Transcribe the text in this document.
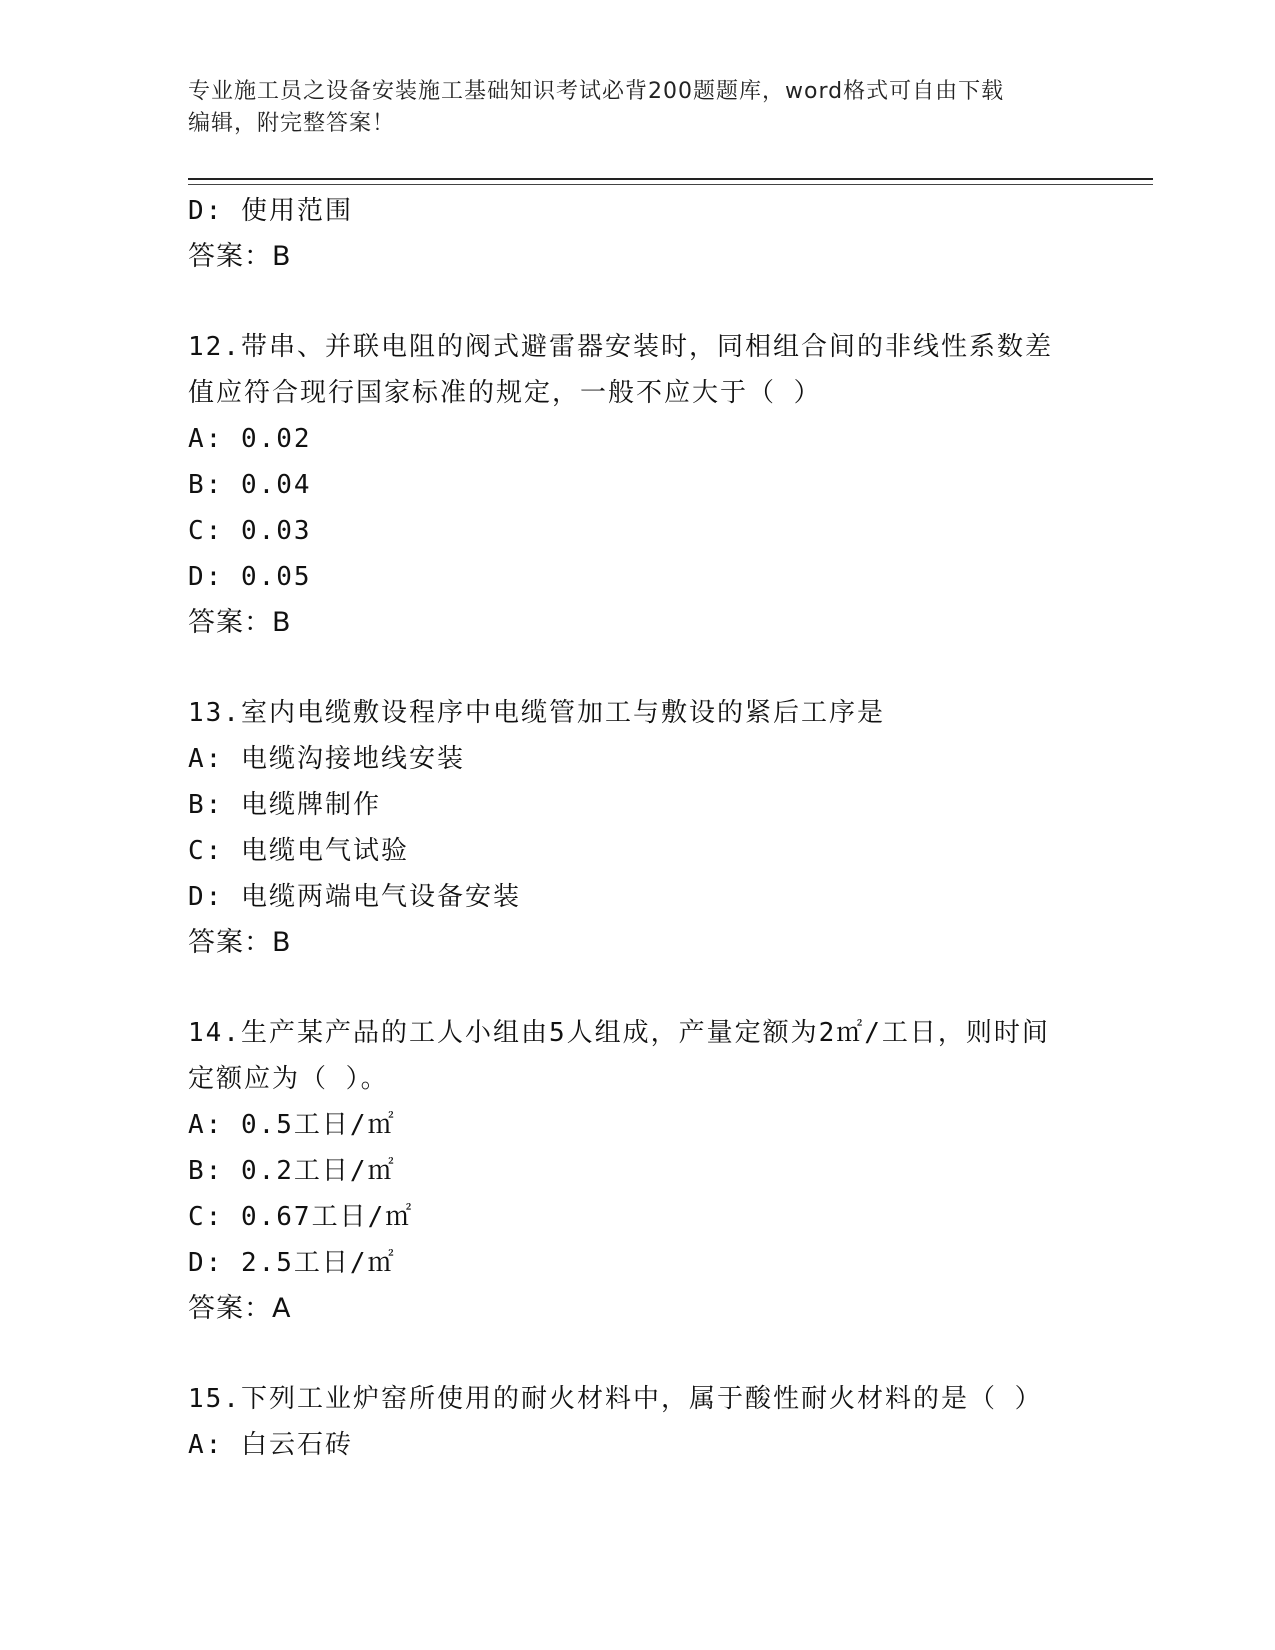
专业施工员之设备安装施工基础知识考试必背200题题库，word格式可自由下载
编辑，附完整答案！
D: 使用范围
答案：B
12.带串、并联电阻的阀式避雷器安装时，同相组合间的非线性系数差
值应符合现行国家标准的规定，一般不应大于（ ）
A: 0.02
B: 0.04
C: 0.03
D: 0.05
答案：B
13.室内电缆敷设程序中电缆管加工与敷设的紧后工序是
A: 电缆沟接地线安装
B: 电缆牌制作
C: 电缆电气试验
D: 电缆两端电气设备安装
答案：B
14.生产某产品的工人小组由5人组成，产量定额为2㎡/工日，则时间
定额应为（ ）。
A: 0.5工日/㎡
B: 0.2工日/㎡
C: 0.67工日/㎡
D: 2.5工日/㎡
答案：A
15.下列工业炉窑所使用的耐火材料中，属于酸性耐火材料的是（ ）
A: 白云石砖
